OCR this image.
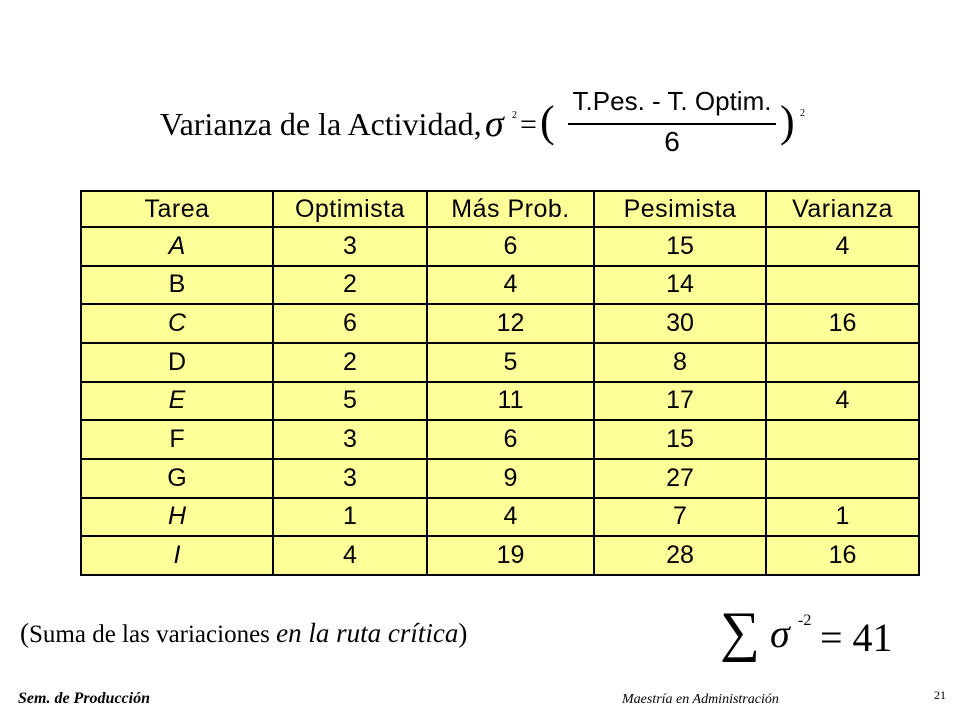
Varianza de la Actividad, σ 2 = ( T.Pes. - T. Optim.
6	) 2
Tarea	Optimista	Más Prob.	Pesimista	Varianza
A	3	6	15	4
B	2	4	14	
C	6	12	30	16
D	2	5	8	
E	5	11	17	4
F	3	6	15	
G	3	9	27	
H	1	4	7	1
I	4	19	28	16
(Suma de las variaciones en la ruta crítica)	∑ σ -2 = 41
Sem. de Producción	Maestría en Administración	21
